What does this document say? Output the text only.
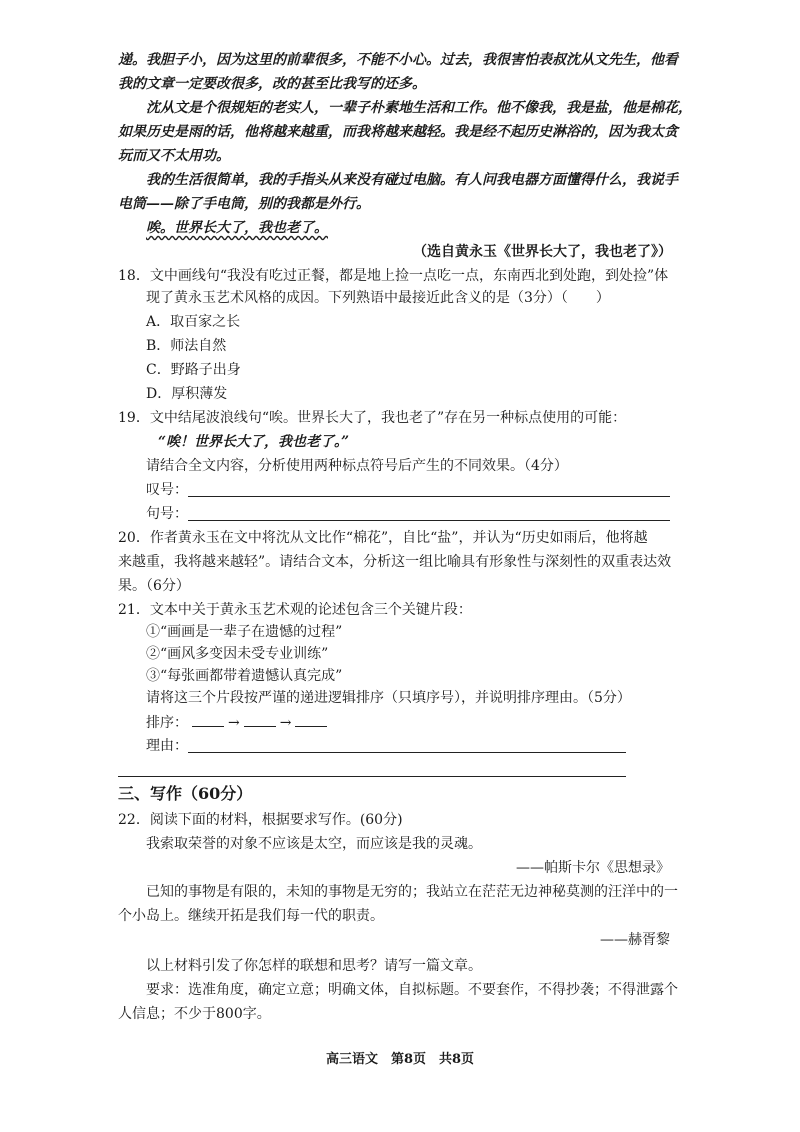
递。我胆子小，因为这里的前辈很多，不能不小心。过去，我很害怕表叔沈从文先生，他看
我的文章一定要改很多，改的甚至比我写的还多。
沈从文是个很规矩的老实人，一辈子朴素地生活和工作。他不像我，我是盐，他是棉花，
如果历史是雨的话，他将越来越重，而我将越来越轻。我是经不起历史淋浴的，因为我太贪
玩而又不太用功。
我的生活很简单，我的手指头从来没有碰过电脑。有人问我电器方面懂得什么，我说手
电筒——除了手电筒，别的我都是外行。
唉。世界长大了，我也老了。
（选自黄永玉《世界长大了，我也老了》）
18．文中画线句“我没有吃过正餐，都是地上捡一点吃一点，东南西北到处跑，到处捡”体
现了黄永玉艺术风格的成因。下列熟语中最接近此含义的是（3分）（　　）
A．取百家之长
B．师法自然
C．野路子出身
D．厚积薄发
19．文中结尾波浪线句“唉。世界长大了，我也老了”存在另一种标点使用的可能：
“唉！世界长大了，我也老了。”
请结合全文内容，分析使用两种标点符号后产生的不同效果。（4分）
叹号：
句号：
20．作者黄永玉在文中将沈从文比作“棉花”，自比“盐”，并认为“历史如雨后，他将越
来越重，我将越来越轻”。请结合文本，分析这一组比喻具有形象性与深刻性的双重表达效
果。（6分）
21．文本中关于黄永玉艺术观的论述包含三个关键片段：
①“画画是一辈子在遗憾的过程”
②“画风多变因未受专业训练”
③“每张画都带着遗憾认真完成”
请将这三个片段按严谨的递进逻辑排序（只填序号），并说明排序理由。（5分）
排序：	→	→
理由：
三、写作（60分）
22．阅读下面的材料，根据要求写作。(60分)
我索取荣誉的对象不应该是太空，而应该是我的灵魂。
——帕斯卡尔《思想录》
已知的事物是有限的，未知的事物是无穷的；我站立在茫茫无边神秘莫测的汪洋中的一
个小岛上。继续开拓是我们每一代的职责。
——赫胥黎
以上材料引发了你怎样的联想和思考？请写一篇文章。
要求：选准角度，确定立意；明确文体，自拟标题。不要套作，不得抄袭；不得泄露个
人信息；不少于800字。
高三语文　第8页　共8页
